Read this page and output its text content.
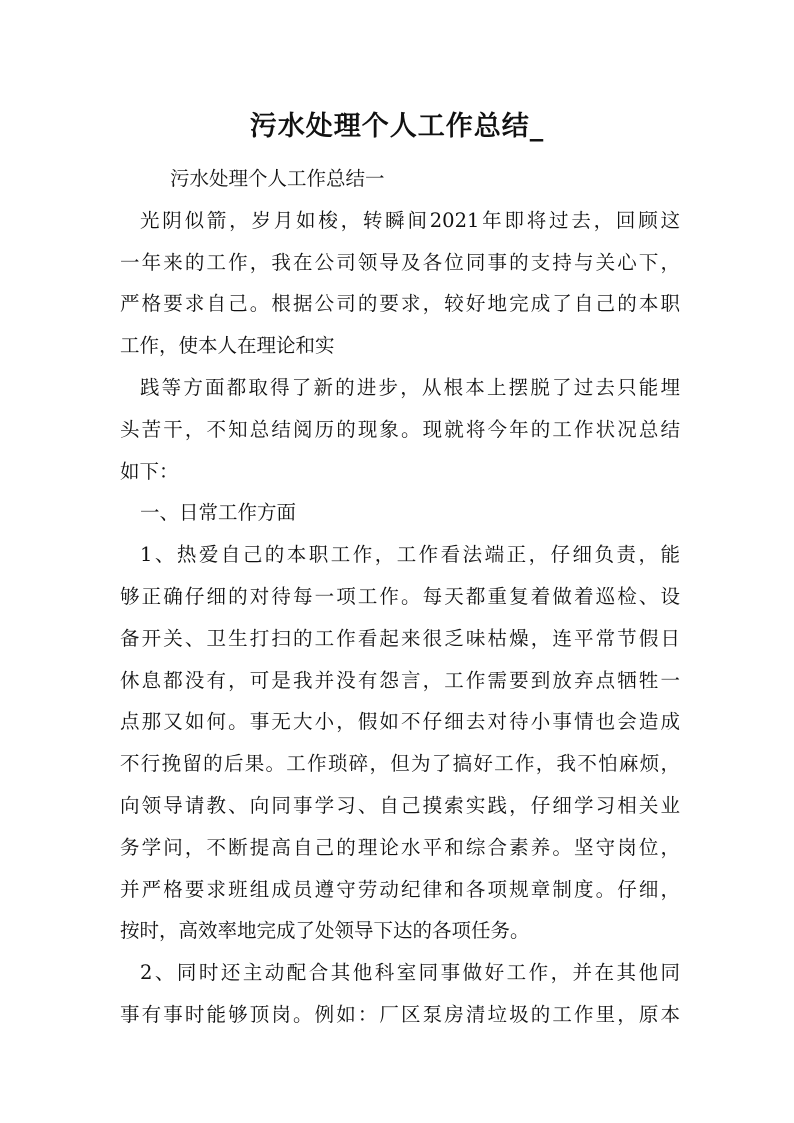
污水处理个人工作总结_
污水处理个人工作总结一
光阴似箭，岁月如梭，转瞬间2021年即将过去，回顾这
一年来的工作，我在公司领导及各位同事的支持与关心下，
严格要求自己。根据公司的要求，较好地完成了自己的本职
工作，使本人在理论和实
践等方面都取得了新的进步，从根本上摆脱了过去只能埋
头苦干，不知总结阅历的现象。现就将今年的工作状况总结
如下：
一、日常工作方面
1、热爱自己的本职工作，工作看法端正，仔细负责，能
够正确仔细的对待每一项工作。每天都重复着做着巡检、设
备开关、卫生打扫的工作看起来很乏味枯燥，连平常节假日
休息都没有，可是我并没有怨言，工作需要到放弃点牺牲一
点那又如何。事无大小，假如不仔细去对待小事情也会造成
不行挽留的后果。工作琐碎，但为了搞好工作，我不怕麻烦，
向领导请教、向同事学习、自己摸索实践，仔细学习相关业
务学问，不断提高自己的理论水平和综合素养。坚守岗位，
并严格要求班组成员遵守劳动纪律和各项规章制度。仔细，
按时，高效率地完成了处领导下达的各项任务。
2、同时还主动配合其他科室同事做好工作，并在其他同
事有事时能够顶岗。例如：厂区泵房清垃圾的工作里，原本
